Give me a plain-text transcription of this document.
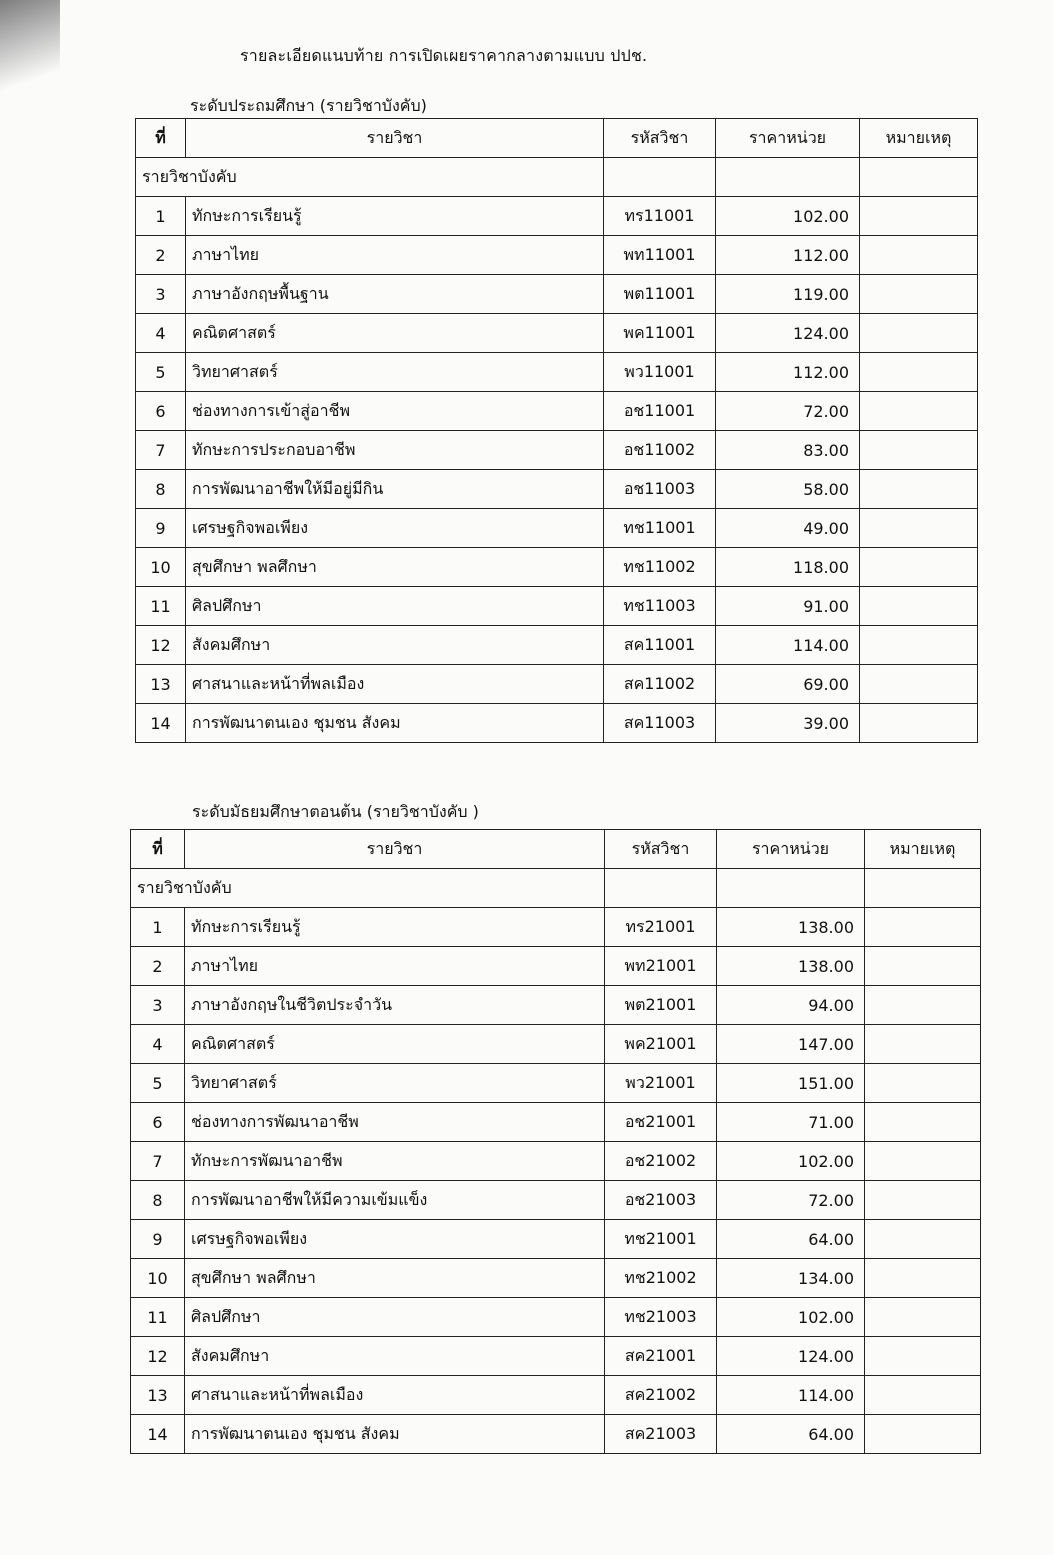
รายละเอียดแนบท้าย การเปิดเผยราคากลางตามแบบ ปปช.
ระดับประถมศึกษา (รายวิชาบังคับ)
ที่	รายวิชา	รหัสวิชา	ราคาหน่วย	หมายเหตุ
รายวิชาบังคับ				
1	ทักษะการเรียนรู้	ทร11001	102.00	
2	ภาษาไทย	พท11001	112.00	
3	ภาษาอังกฤษพื้นฐาน	พต11001	119.00	
4	คณิตศาสตร์	พค11001	124.00	
5	วิทยาศาสตร์	พว11001	112.00	
6	ช่องทางการเข้าสู่อาชีพ	อช11001	72.00	
7	ทักษะการประกอบอาชีพ	อช11002	83.00	
8	การพัฒนาอาชีพให้มีอยู่มีกิน	อช11003	58.00	
9	เศรษฐกิจพอเพียง	ทช11001	49.00	
10	สุขศึกษา พลศึกษา	ทช11002	118.00	
11	ศิลปศึกษา	ทช11003	91.00	
12	สังคมศึกษา	สค11001	114.00	
13	ศาสนาและหน้าที่พลเมือง	สค11002	69.00	
14	การพัฒนาตนเอง ชุมชน สังคม	สค11003	39.00	
ระดับมัธยมศึกษาตอนต้น (รายวิชาบังคับ )
ที่	รายวิชา	รหัสวิชา	ราคาหน่วย	หมายเหตุ
รายวิชาบังคับ				
1	ทักษะการเรียนรู้	ทร21001	138.00	
2	ภาษาไทย	พท21001	138.00	
3	ภาษาอังกฤษในชีวิตประจำวัน	พต21001	94.00	
4	คณิตศาสตร์	พค21001	147.00	
5	วิทยาศาสตร์	พว21001	151.00	
6	ช่องทางการพัฒนาอาชีพ	อช21001	71.00	
7	ทักษะการพัฒนาอาชีพ	อช21002	102.00	
8	การพัฒนาอาชีพให้มีความเข้มแข็ง	อช21003	72.00	
9	เศรษฐกิจพอเพียง	ทช21001	64.00	
10	สุขศึกษา พลศึกษา	ทช21002	134.00	
11	ศิลปศึกษา	ทช21003	102.00	
12	สังคมศึกษา	สค21001	124.00	
13	ศาสนาและหน้าที่พลเมือง	สค21002	114.00	
14	การพัฒนาตนเอง ชุมชน สังคม	สค21003	64.00	
